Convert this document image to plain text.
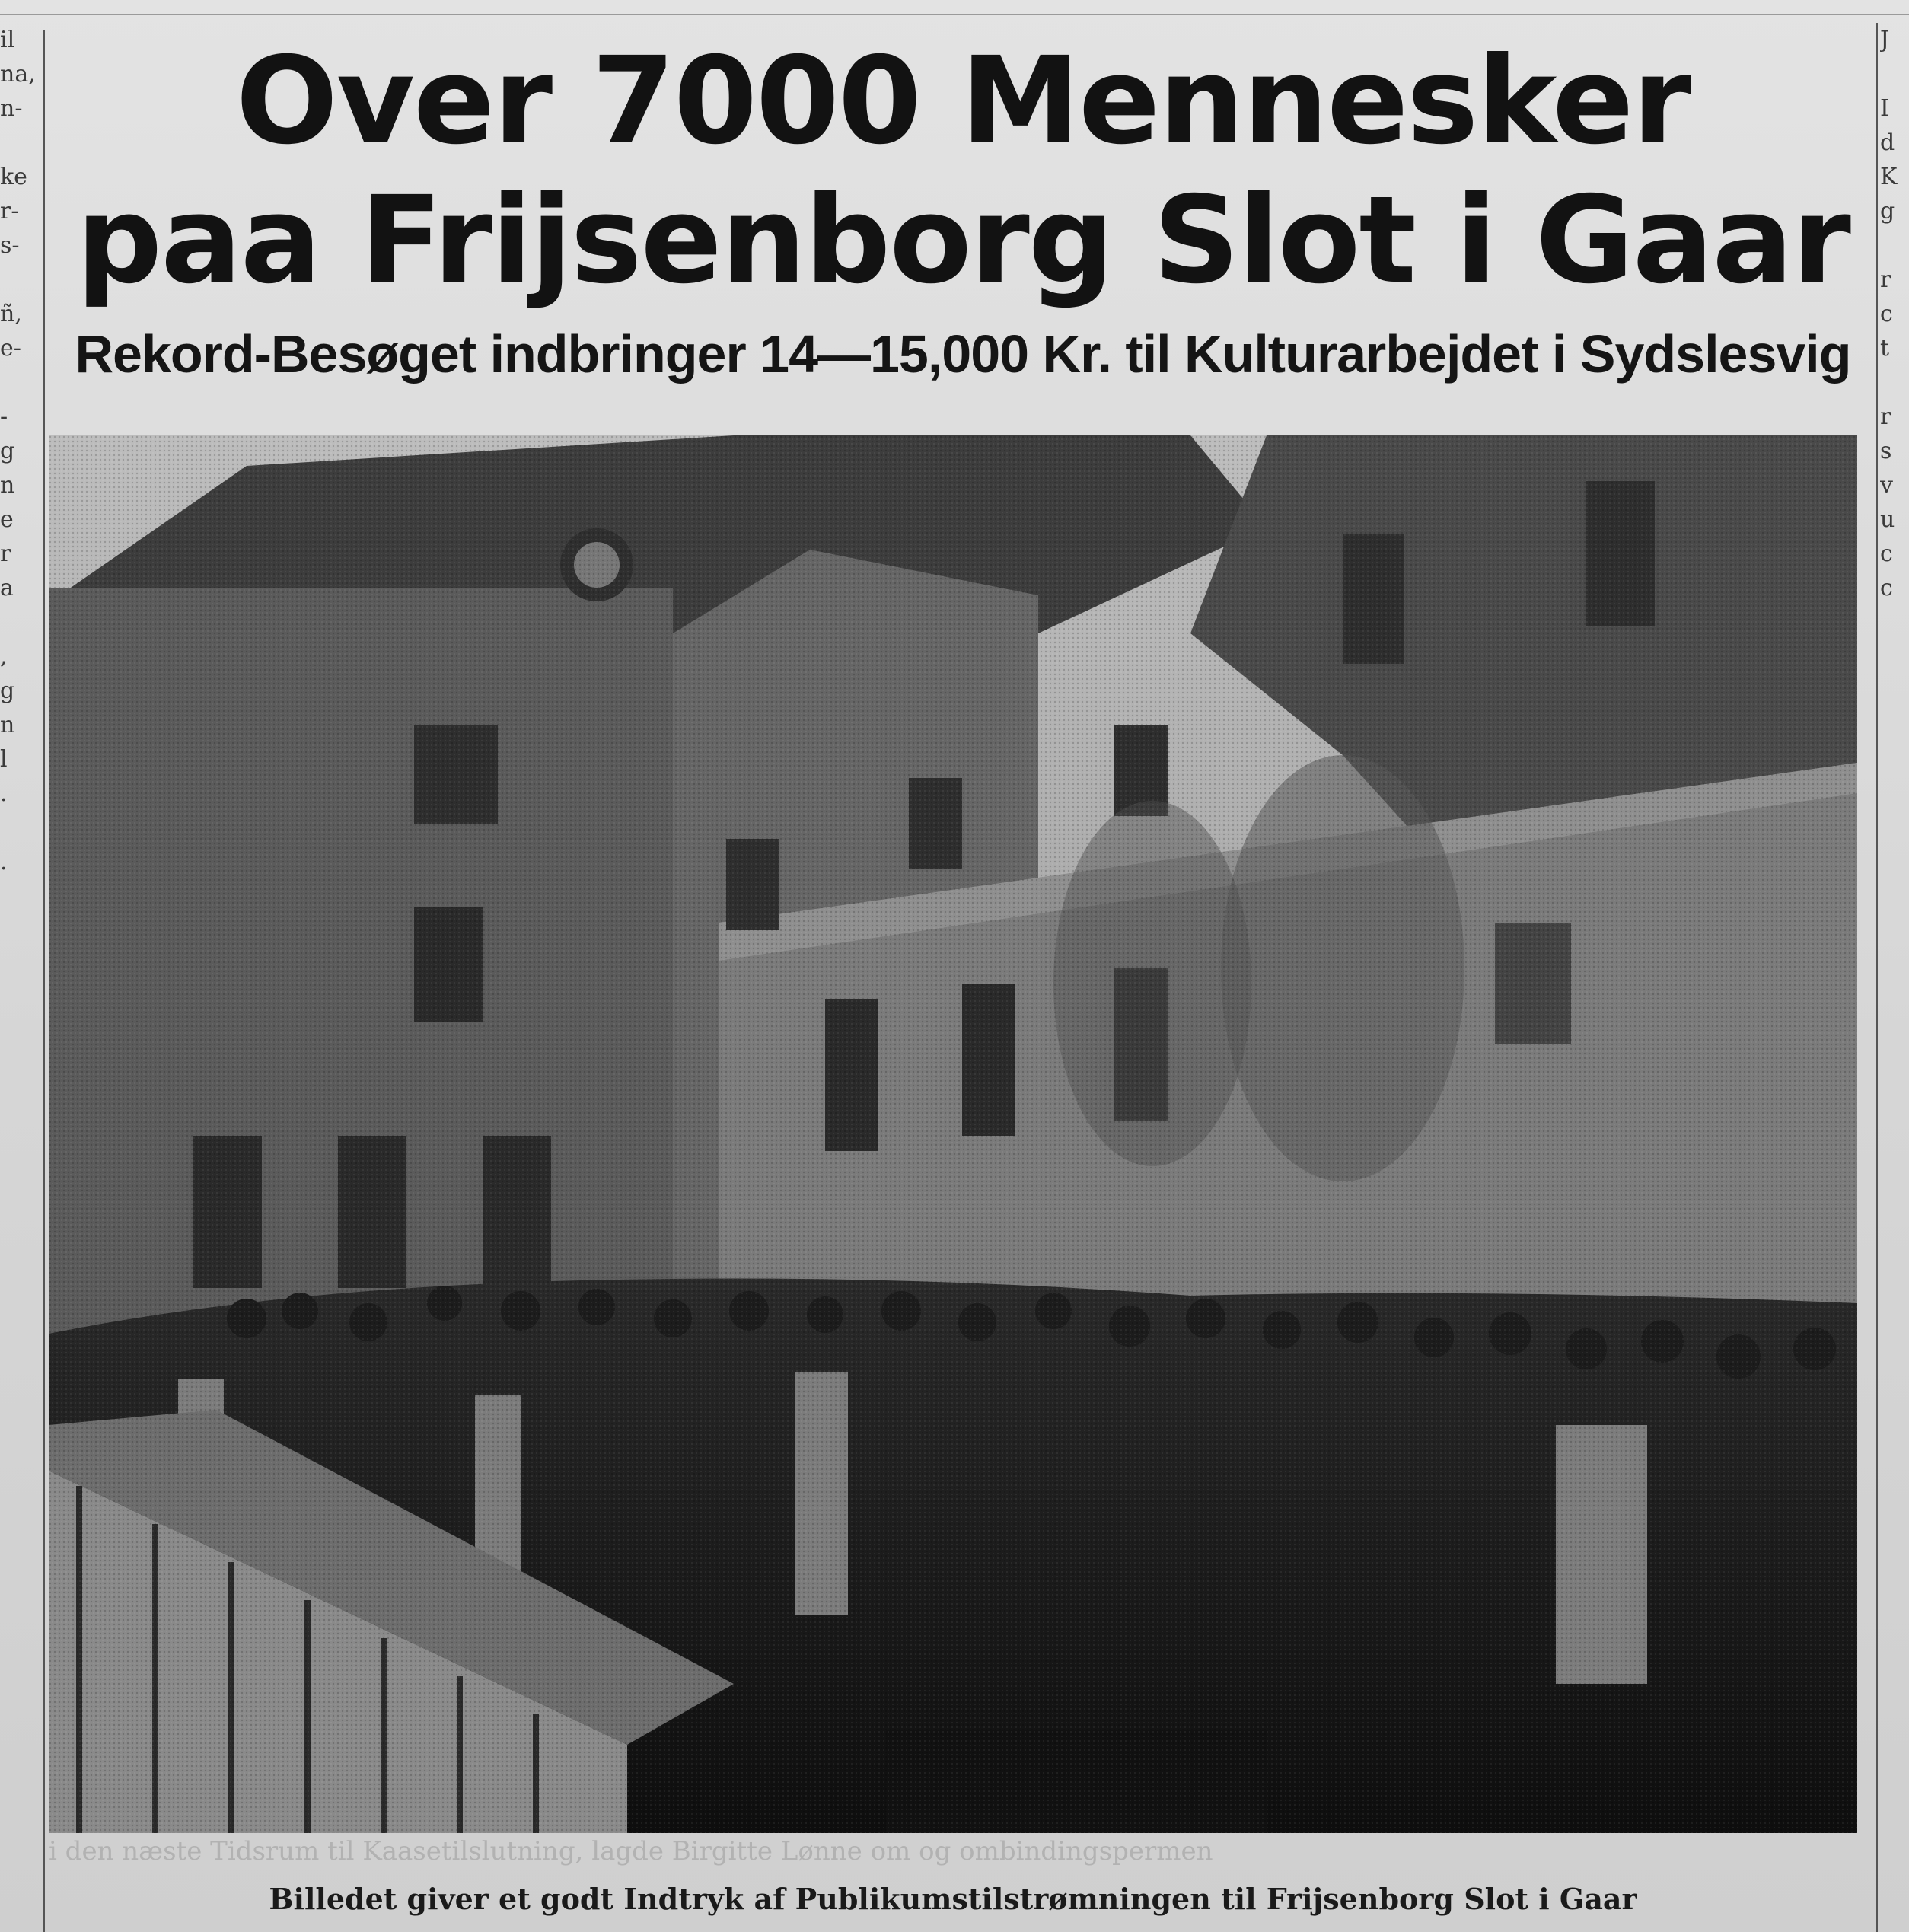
il
na,
n-

ke
r-
s-

ñ,
e-

-
g
n
e
r
a

,
g
n
l
.

.
J

I
d
K
g

r
c
t

r
s
v
u
c
c
Over 7000 Mennesker
paa Frijsenborg Slot i Gaar
Rekord-Besøget indbringer 14—15,000 Kr. til Kulturarbejdet i Sydslesvig
i den næste Tidsrum til Kaasetilslutning, lagde Birgitte Lønne om og ombindingspermen
Billedet giver et godt Indtryk af Publikumstilstrømningen til Frijsenborg Slot i Gaar
